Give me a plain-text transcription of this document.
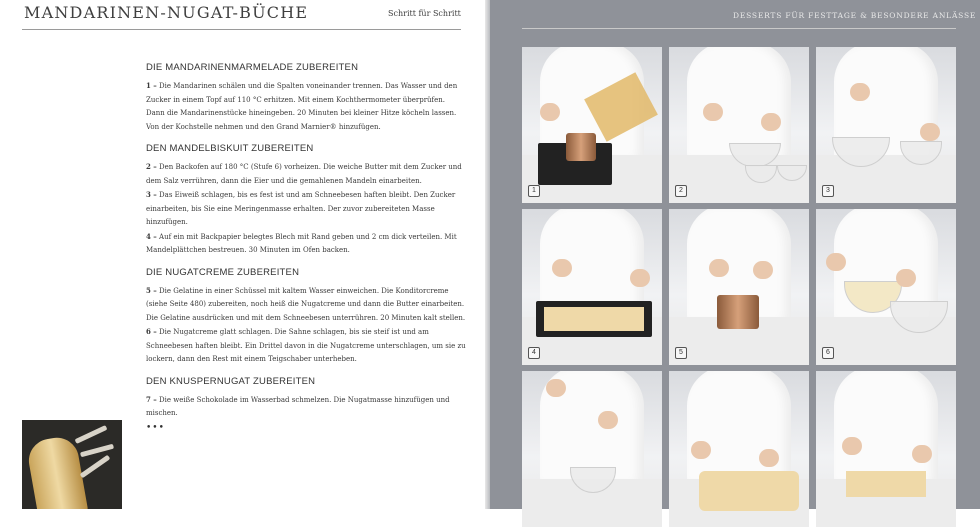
MANDARINEN-NUGAT-BÜCHE	Schritt für Schritt
DIE MANDARINENMARMELADE ZUBEREITEN

1 – Die Mandarinen schälen und die Spalten voneinander trennen. Das Wasser und den Zucker in einem Topf auf 110 °C erhitzen. Mit einem Kochthermometer überprüfen. Dann die Mandarinenstücke hineingeben. 20 Minuten bei kleiner Hitze köcheln lassen. Von der Kochstelle nehmen und den Grand Marnier® hinzufügen.

DEN MANDELBISKUIT ZUBEREITEN

2 – Den Backofen auf 180 °C (Stufe 6) vorheizen. Die weiche Butter mit dem Zucker und dem Salz verrühren, dann die Eier und die gemahlenen Mandeln einarbeiten.

3 – Das Eiweiß schlagen, bis es fest ist und am Schneebesen haften bleibt. Den Zucker einarbeiten, bis Sie eine Meringenmasse erhalten. Der zuvor zubereiteten Masse hinzufügen.

4 – Auf ein mit Backpapier belegtes Blech mit Rand geben und 2 cm dick verteilen. Mit Mandelplättchen bestreuen. 30 Minuten im Ofen backen.

DIE NUGATCREME ZUBEREITEN

5 – Die Gelatine in einer Schüssel mit kaltem Wasser einweichen. Die Konditorcreme (siehe Seite 480) zubereiten, noch heiß die Nugatcreme und dann die Butter einarbeiten. Die Gelatine ausdrücken und mit dem Schneebesen unterrühren. 20 Minuten kalt stellen.

6 – Die Nugatcreme glatt schlagen. Die Sahne schlagen, bis sie steif ist und am Schneebesen haften bleibt. Ein Drittel davon in die Nugatcreme unterschlagen, um sie zu lockern, dann den Rest mit einem Teigschaber unterheben.

DEN KNUSPERNUGAT ZUBEREITEN

7 – Die weiße Schokolade im Wasserbad schmelzen. Die Nugatmasse hinzufügen und mischen.

•••
DESSERTS FÜR FESTTAGE & BESONDERE ANLÄSSE
1	2	3
4	5	6
